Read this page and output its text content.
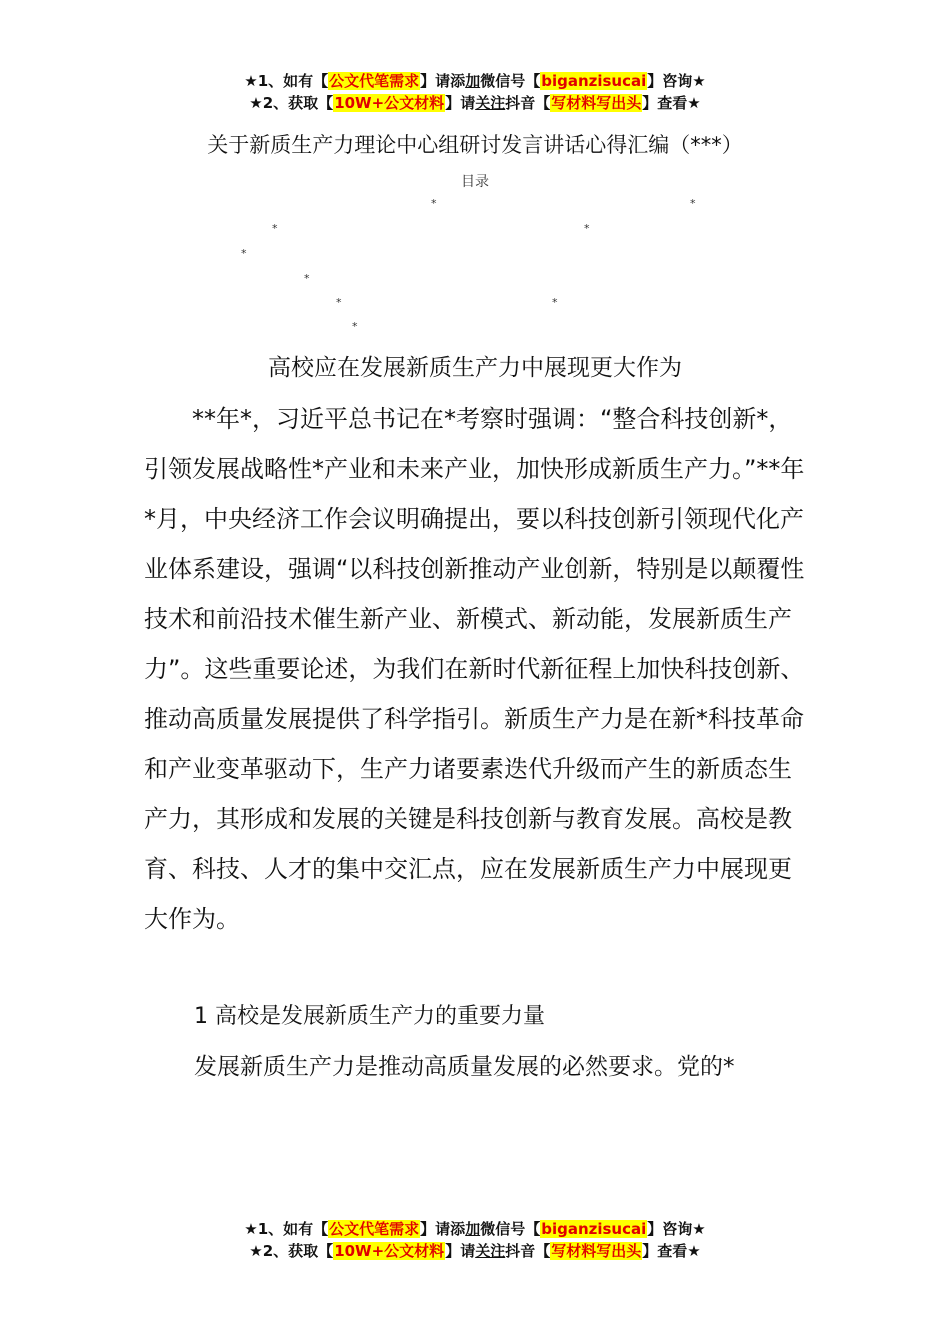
★1、如有【公文代笔需求】请添加微信号【biganzisucai】咨询★
★2、获取【10W+公文材料】请关注抖音【写材料写出头】查看★
关于新质生产力理论中心组研讨发言讲话心得汇编（***）
目录
*	*
*	*
*
*
*	*
*
高校应在发展新质生产力中展现更大作为

**年*，习近平总书记在*考察时强调：“整合科技创新*，引领发展战略性*产业和未来产业，加快形成新质生产力。”**年*月，中央经济工作会议明确提出，要以科技创新引领现代化产业体系建设，强调“以科技创新推动产业创新，特别是以颠覆性技术和前沿技术催生新产业、新模式、新动能，发展新质生产力”。这些重要论述，为我们在新时代新征程上加快科技创新、推动高质量发展提供了科学指引。新质生产力是在新*科技革命和产业变革驱动下，生产力诸要素迭代升级而产生的新质态生产力，其形成和发展的关键是科技创新与教育发展。高校是教育、科技、人才的集中交汇点，应在发展新质生产力中展现更大作为。

1 高校是发展新质生产力的重要力量
发展新质生产力是推动高质量发展的必然要求。党的*
★1、如有【公文代笔需求】请添加微信号【biganzisucai】咨询★
★2、获取【10W+公文材料】请关注抖音【写材料写出头】查看★
